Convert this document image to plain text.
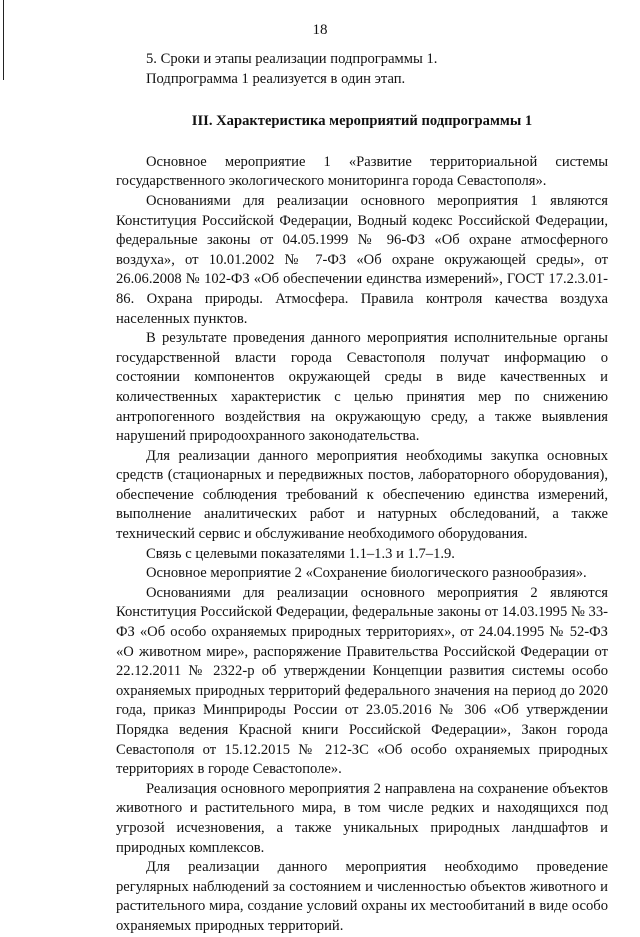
18

5. Сроки и этапы реализации подпрограммы 1.

Подпрограмма 1 реализуется в один этап.

III. Характеристика мероприятий подпрограммы 1

Основное мероприятие 1 «Развитие территориальной системы государственного экологического мониторинга города Севастополя».

Основаниями для реализации основного мероприятия 1 являются Конституция Российской Федерации, Водный кодекс Российской Федерации, федеральные законы от 04.05.1999 № 96-ФЗ «Об охране атмосферного воздуха», от 10.01.2002 № 7-ФЗ «Об охране окружающей среды», от 26.06.2008 № 102-ФЗ «Об обеспечении единства измерений», ГОСТ 17.2.3.01-86. Охрана природы. Атмосфера. Правила контроля качества воздуха населенных пунктов.

В результате проведения данного мероприятия исполнительные органы государственной власти города Севастополя получат информацию о состоянии компонентов окружающей среды в виде качественных и количественных характеристик с целью принятия мер по снижению антропогенного воздействия на окружающую среду, а также выявления нарушений природоохранного законодательства.

Для реализации данного мероприятия необходимы закупка основных средств (стационарных и передвижных постов, лабораторного оборудования), обеспечение соблюдения требований к обеспечению единства измерений, выполнение аналитических работ и натурных обследований, а также технический сервис и обслуживание необходимого оборудования.

Связь с целевыми показателями 1.1–1.3 и 1.7–1.9.

Основное мероприятие 2 «Сохранение биологического разнообразия».

Основаниями для реализации основного мероприятия 2 являются Конституция Российской Федерации, федеральные законы от 14.03.1995 № 33-ФЗ «Об особо охраняемых природных территориях», от 24.04.1995 № 52-ФЗ «О животном мире», распоряжение Правительства Российской Федерации от 22.12.2011 № 2322-р об утверждении Концепции развития системы особо охраняемых природных территорий федерального значения на период до 2020 года, приказ Минприроды России от 23.05.2016 № 306 «Об утверждении Порядка ведения Красной книги Российской Федерации», Закон города Севастополя от 15.12.2015 № 212-ЗС «Об особо охраняемых природных территориях в городе Севастополе».

Реализация основного мероприятия 2 направлена на сохранение объектов животного и растительного мира, в том числе редких и находящихся под угрозой исчезновения, а также уникальных природных ландшафтов и природных комплексов.

Для реализации данного мероприятия необходимо проведение регулярных наблюдений за состоянием и численностью объектов животного и растительного мира, создание условий охраны их местообитаний в виде особо охраняемых природных территорий.
